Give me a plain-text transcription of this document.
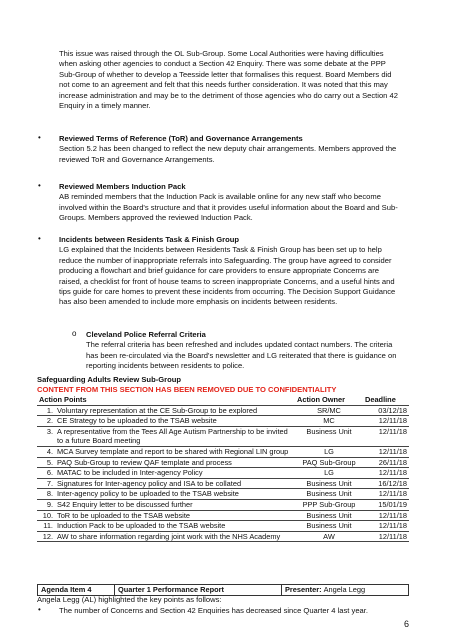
This issue was raised through the OL Sub-Group. Some Local Authorities were having difficulties when asking other agencies to conduct a Section 42 Enquiry. There was some debate at the PPP Sub-Group of whether to develop a Teesside letter that formalises this request. Board Members did not come to an agreement and felt that this needs further consideration. It was noted that this may increase administration and may be to the detriment of those agencies who do carry out a Section 42 Enquiry in a timely manner.
• Reviewed Terms of Reference (ToR) and Governance Arrangements
Section 5.2 has been changed to reflect the new deputy chair arrangements. Members approved the reviewed ToR and Governance Arrangements.
• Reviewed Members Induction Pack
AB reminded members that the Induction Pack is available online for any new staff who become involved within the Board's structure and that it provides useful information about the Board and Sub-Groups. Members approved the reviewed Induction Pack.
• Incidents between Residents Task & Finish Group
LG explained that the Incidents between Residents Task & Finish Group has been set up to help reduce the number of inappropriate referrals into Safeguarding. The group have agreed to consider producing a flowchart and brief guidance for care providers to ensure appropriate Concerns are raised, a checklist for front of house teams to screen inappropriate Concerns, and a useful hints and tips guide for care homes to prevent these incidents from occurring. The Decision Support Guidance has also been amended to include more emphasis on incidents between residents.
o Cleveland Police Referral Criteria
The referral criteria has been refreshed and includes updated contact numbers. The criteria has been re-circulated via the Board's newsletter and LG reiterated that there is guidance on reporting incidents between residents to police.
Safeguarding Adults Review Sub-Group
CONTENT FROM THIS SECTION HAS BEEN REMOVED DUE TO CONFIDENTIALITY
Action Points		Action Owner	Deadline
1.	Voluntary representation at the CE Sub-Group to be explored	SR/MC	03/12/18
2.	CE Strategy to be uploaded to the TSAB website	MC	12/11/18
3.	A representative from the Tees All Age Autism Partnership to be invited to a future Board meeting	Business Unit	12/11/18
4.	MCA Survey template and report to be shared with Regional LIN group	LG	12/11/18
5.	PAQ Sub-Group to review QAF template and process	PAQ Sub-Group	26/11/18
6.	MATAC to be included in Inter-agency Policy	LG	12/11/18
7.	Signatures for Inter-agency policy and ISA to be collated	Business Unit	16/12/18
8.	Inter-agency policy to be uploaded to the TSAB website	Business Unit	12/11/18
9.	S42 Enquiry letter to be discussed further	PPP Sub-Group	15/01/19
10.	ToR to be uploaded to the TSAB website	Business Unit	12/11/18
11.	Induction Pack to be uploaded to the TSAB website	Business Unit	12/11/18
12.	AW to share information regarding joint work with the NHS Academy	AW	12/11/18
Agenda Item 4	Quarter 1 Performance Report	Presenter: Angela Legg
Angela Legg (AL) highlighted the key points as follows:
• The number of Concerns and Section 42 Enquiries has decreased since Quarter 4 last year.
6
